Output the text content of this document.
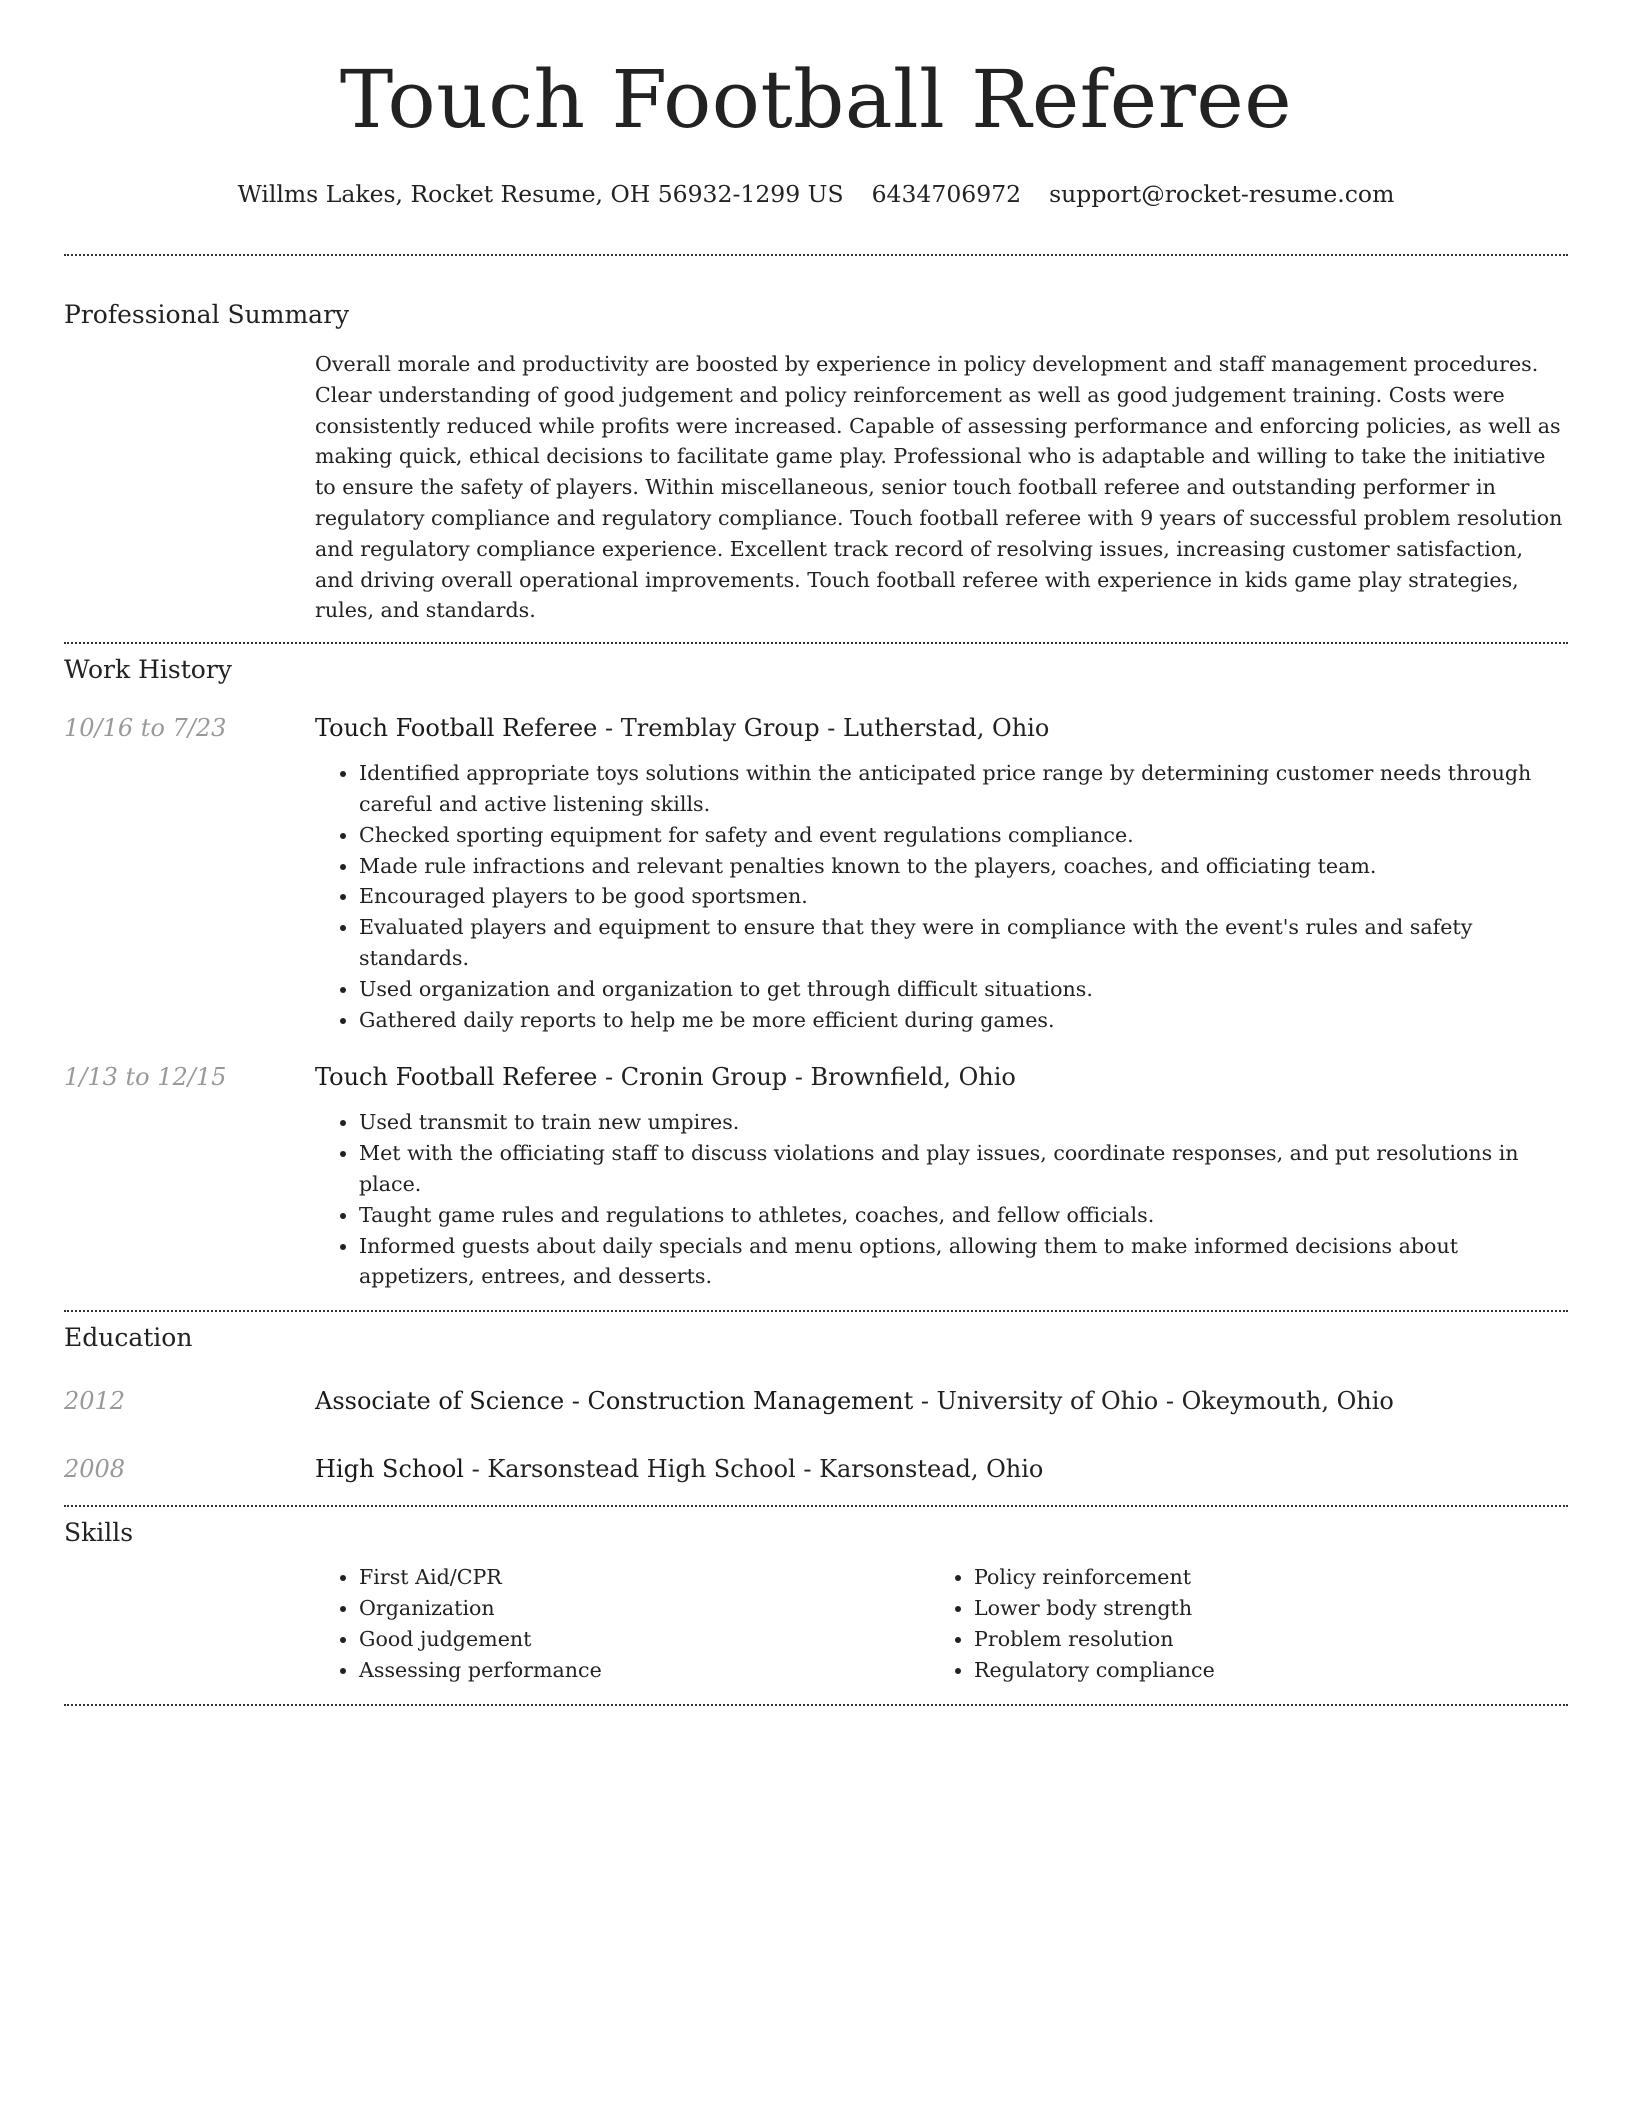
Touch Football Referee
Willms Lakes, Rocket Resume, OH 56932-1299 US 6434706972 support@rocket-resume.com
Professional Summary
Overall morale and productivity are boosted by experience in policy development and staff management procedures. Clear understanding of good judgement and policy reinforcement as well as good judgement training. Costs were consistently reduced while profits were increased. Capable of assessing performance and enforcing policies, as well as making quick, ethical decisions to facilitate game play. Professional who is adaptable and willing to take the initiative to ensure the safety of players. Within miscellaneous, senior touch football referee and outstanding performer in regulatory compliance and regulatory compliance. Touch football referee with 9 years of successful problem resolution and regulatory compliance experience. Excellent track record of resolving issues, increasing customer satisfaction, and driving overall operational improvements. Touch football referee with experience in kids game play strategies, rules, and standards.
Work History
10/16 to 7/23	Touch Football Referee - Tremblay Group - Lutherstad, Ohio
• Identified appropriate toys solutions within the anticipated price range by determining customer needs through careful and active listening skills.
• Checked sporting equipment for safety and event regulations compliance.
• Made rule infractions and relevant penalties known to the players, coaches, and officiating team.
• Encouraged players to be good sportsmen.
• Evaluated players and equipment to ensure that they were in compliance with the event's rules and safety standards.
• Used organization and organization to get through difficult situations.
• Gathered daily reports to help me be more efficient during games.
1/13 to 12/15	Touch Football Referee - Cronin Group - Brownfield, Ohio
• Used transmit to train new umpires.
• Met with the officiating staff to discuss violations and play issues, coordinate responses, and put resolutions in place.
• Taught game rules and regulations to athletes, coaches, and fellow officials.
• Informed guests about daily specials and menu options, allowing them to make informed decisions about appetizers, entrees, and desserts.
Education
2012	Associate of Science - Construction Management - University of Ohio - Okeymouth, Ohio
2008	High School - Karsonstead High School - Karsonstead, Ohio
Skills
• First Aid/CPR
• Organization
• Good judgement
• Assessing performance
• Policy reinforcement
• Lower body strength
• Problem resolution
• Regulatory compliance
